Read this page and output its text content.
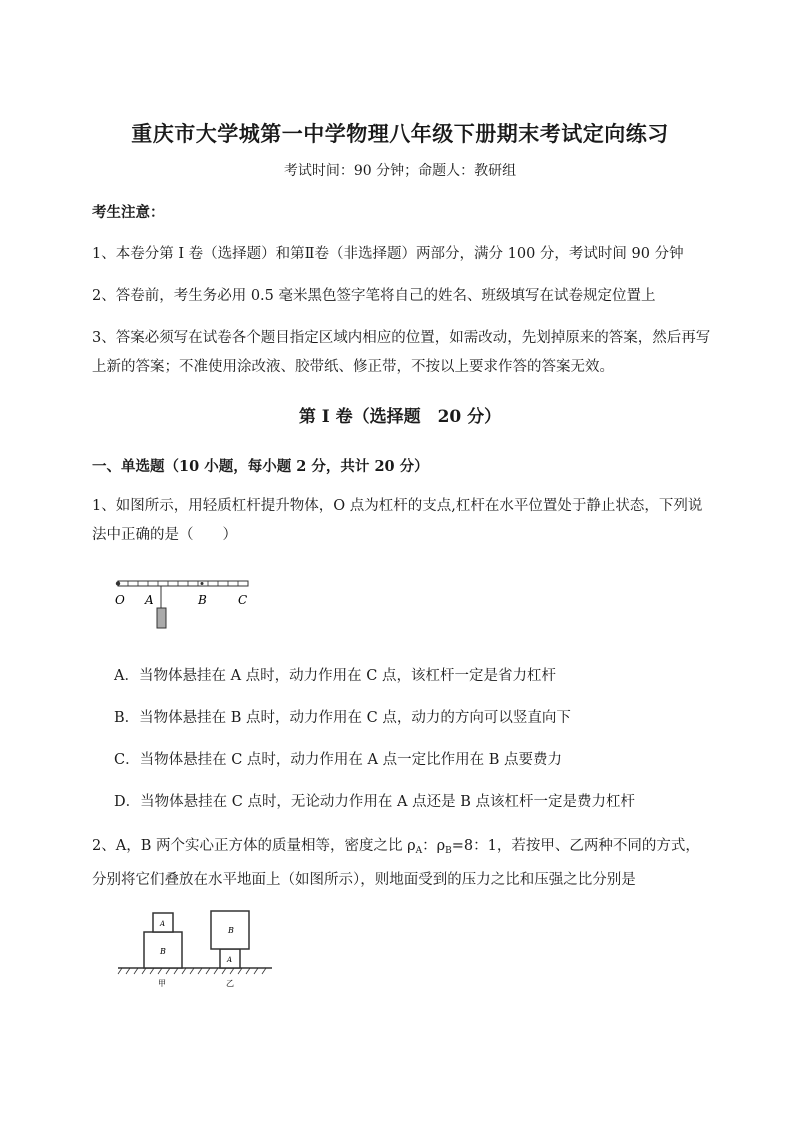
重庆市大学城第一中学物理八年级下册期末考试定向练习
考试时间：90 分钟；命题人：教研组
考生注意：
1、本卷分第 I 卷（选择题）和第Ⅱ卷（非选择题）两部分，满分 100 分，考试时间 90 分钟
2、答卷前，考生务必用 0.5 毫米黑色签字笔将自己的姓名、班级填写在试卷规定位置上
3、答案必须写在试卷各个题目指定区域内相应的位置，如需改动，先划掉原来的答案，然后再写上新的答案；不准使用涂改液、胶带纸、修正带，不按以上要求作答的答案无效。
第 I 卷（选择题　20 分）
一、单选题（10 小题，每小题 2 分，共计 20 分）
1、如图所示，用轻质杠杆提升物体，O 点为杠杆的支点,杠杆在水平位置处于静止状态，下列说法中正确的是（　　）
O A	B	C
A．当物体悬挂在 A 点时，动力作用在 C 点，该杠杆一定是省力杠杆
B．当物体悬挂在 B 点时，动力作用在 C 点，动力的方向可以竖直向下
C．当物体悬挂在 C 点时，动力作用在 A 点一定比作用在 B 点要费力
D．当物体悬挂在 C 点时，无论动力作用在 A 点还是 B 点该杠杆一定是费力杠杆
2、A，B 两个实心正方体的质量相等，密度之比 $\rho_A$：$\rho_B=8$：1，若按甲、乙两种不同的方式，分别将它们叠放在水平地面上（如图所示），则地面受到的压力之比和压强之比分别是
B
A
B
A
甲	乙
